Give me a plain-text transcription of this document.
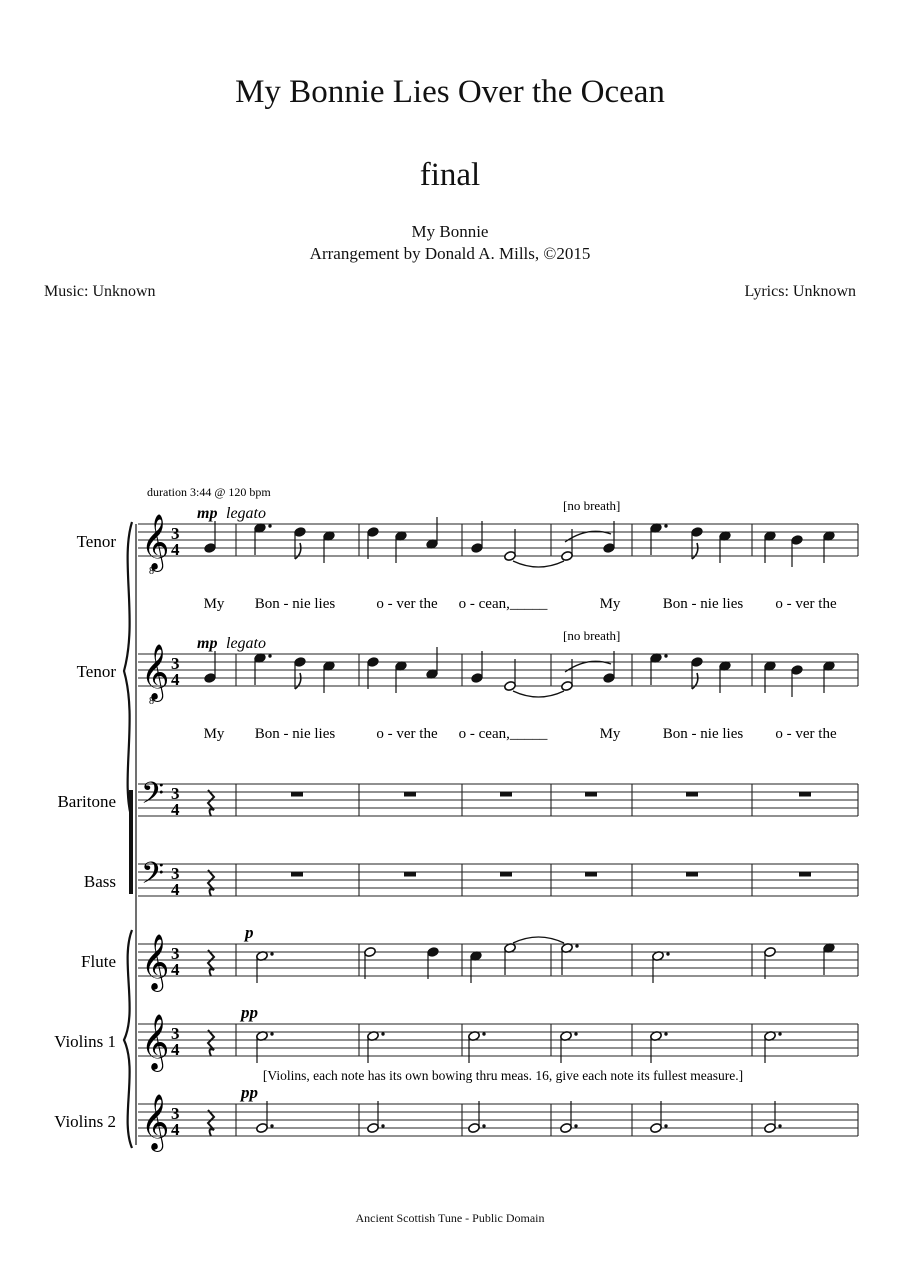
My Bonnie Lies Over the Ocean
final
My Bonnie
Arrangement by Donald A. Mills, ©2015
Music: Unknown	Lyrics: Unknown
duration 3:44 @ 120 bpm
Tenor 𝄞
8
3
4
Tenor 𝄞
8
3
4
Baritone 𝄢 3
4
Bass 𝄢 3
4
Flute 𝄞 3
4
Violins 1 𝄞 3
4
Violins 2 𝄞 3
4
mp legato	[no breath]
My Bon - nie lies	o - ver the o - cean,_____	My	Bon - nie lies o - ver the
mp legato	[no breath]
My Bon - nie lies	o - ver the o - cean,_____	My	Bon - nie lies o - ver the
p
pp
pp
[Violins, each note has its own bowing thru meas. 16, give each note its fullest measure.]
Ancient Scottish Tune - Public Domain
